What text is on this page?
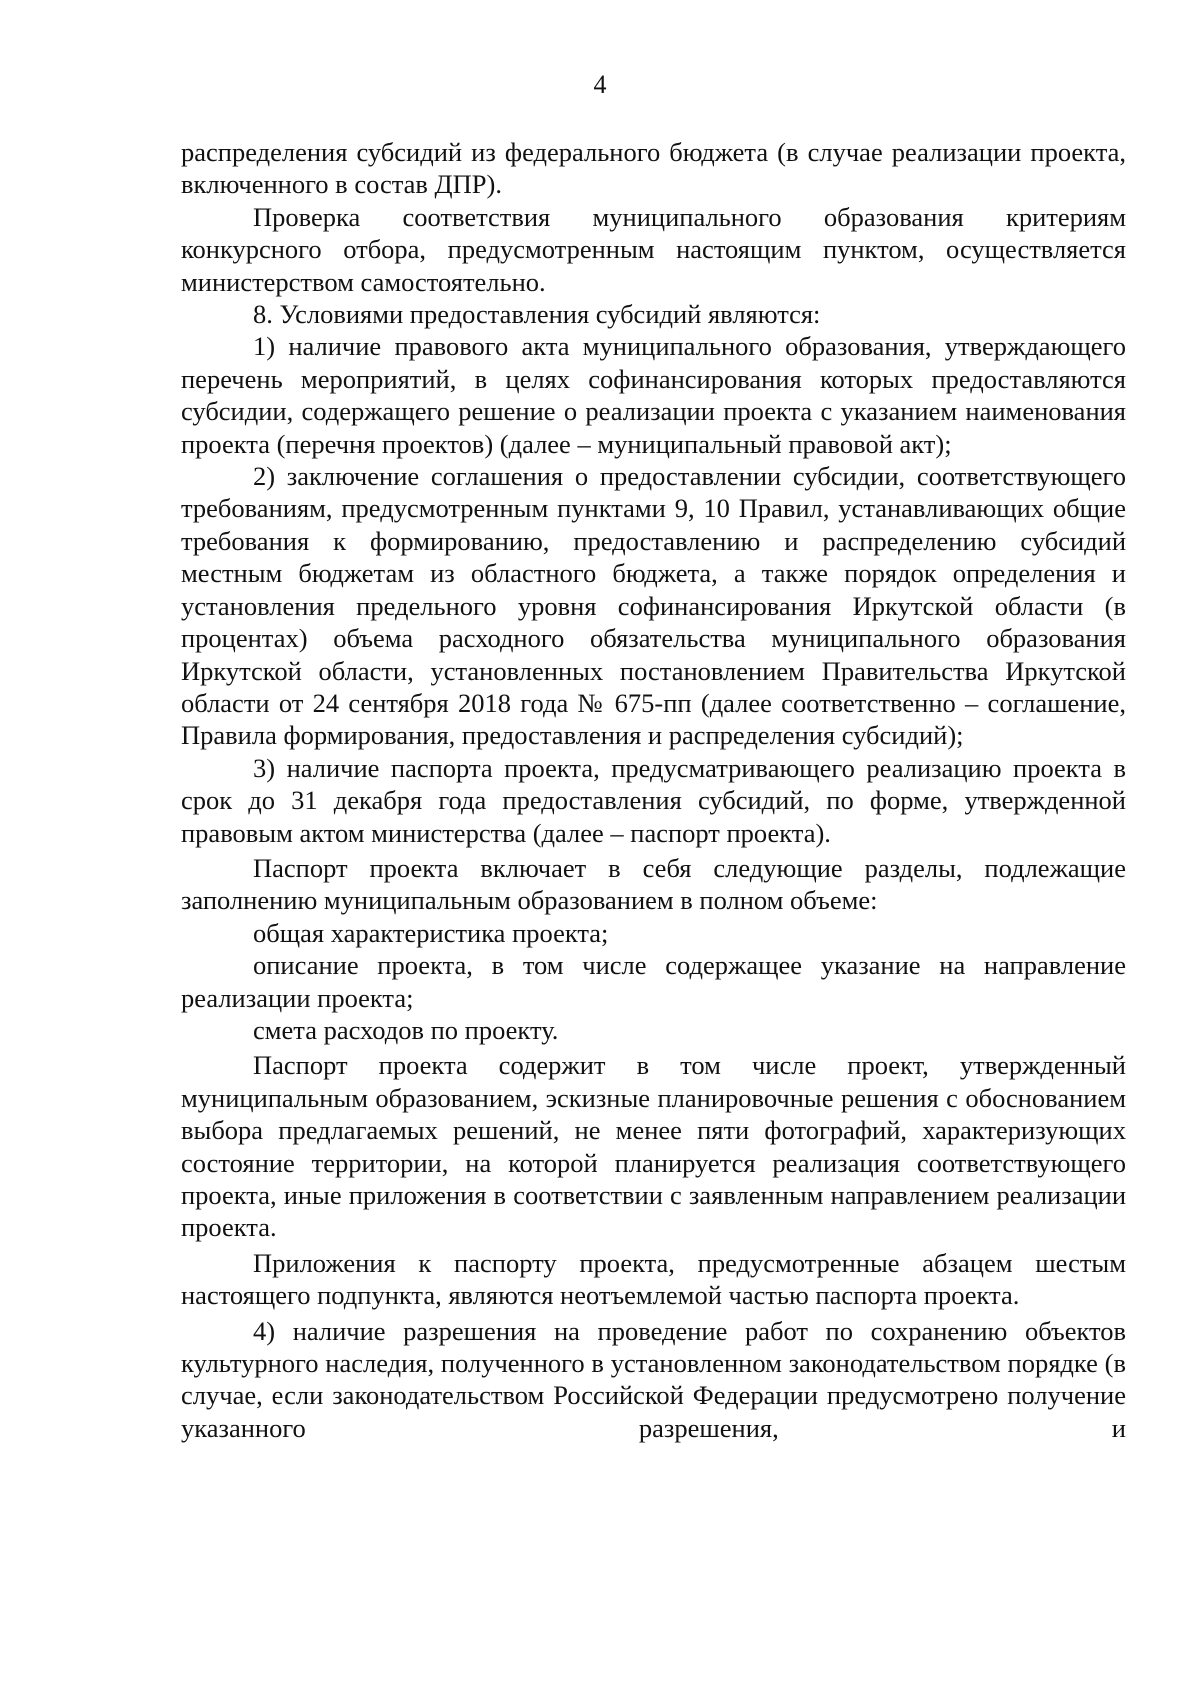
4

распределения субсидий из федерального бюджета (в случае реализации проекта, включенного в состав ДПР).

Проверка соответствия муниципального образования критериям конкурсного отбора, предусмотренным настоящим пунктом, осуществляется министерством самостоятельно.

8. Условиями предоставления субсидий являются:

1) наличие правового акта муниципального образования, утверждающего перечень мероприятий, в целях софинансирования которых предоставляются субсидии, содержащего решение о реализации проекта с указанием наименования проекта (перечня проектов) (далее – муниципальный правовой акт);

2) заключение соглашения о предоставлении субсидии, соответствующего требованиям, предусмотренным пунктами 9, 10 Правил, устанавливающих общие требования к формированию, предоставлению и распределению субсидий местным бюджетам из областного бюджета, а также порядок определения и установления предельного уровня софинансирования Иркутской области (в процентах) объема расходного обязательства муниципального образования Иркутской области, установленных постановлением Правительства Иркутской области от 24 сентября 2018 года № 675-пп (далее соответственно – соглашение, Правила формирования, предоставления и распределения субсидий);

3) наличие паспорта проекта, предусматривающего реализацию проекта в срок до 31 декабря года предоставления субсидий, по форме, утвержденной правовым актом министерства (далее – паспорт проекта).

Паспорт проекта включает в себя следующие разделы, подлежащие заполнению муниципальным образованием в полном объеме:

общая характеристика проекта;

описание проекта, в том числе содержащее указание на направление реализации проекта;

смета расходов по проекту.

Паспорт проекта содержит в том числе проект, утвержденный муниципальным образованием, эскизные планировочные решения с обоснованием выбора предлагаемых решений, не менее пяти фотографий, характеризующих состояние территории, на которой планируется реализация соответствующего проекта, иные приложения в соответствии с заявленным направлением реализации проекта.

Приложения к паспорту проекта, предусмотренные абзацем шестым настоящего подпункта, являются неотъемлемой частью паспорта проекта.

4) наличие разрешения на проведение работ по сохранению объектов культурного наследия, полученного в установленном законодательством порядке (в случае, если законодательством Российской Федерации предусмотрено получение указанного разрешения, и
